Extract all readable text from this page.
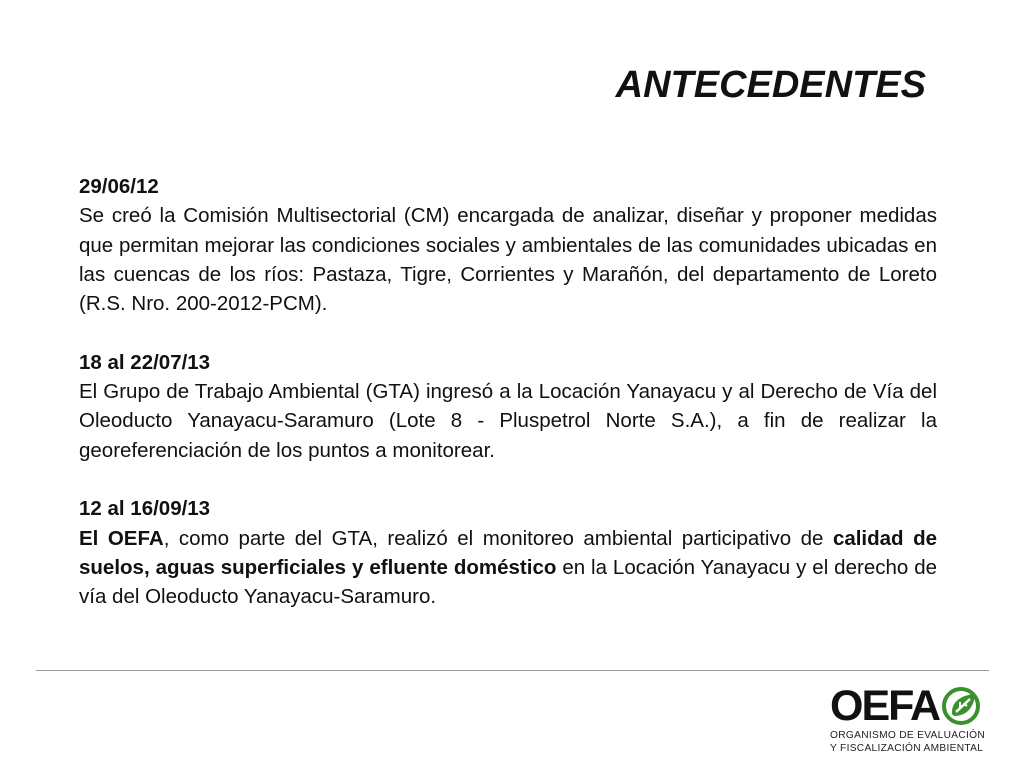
ANTECEDENTES

29/06/12

Se creó la Comisión Multisectorial (CM) encargada de analizar, diseñar y proponer medidas que permitan mejorar las condiciones sociales y ambientales de las comunidades ubicadas en las cuencas de los ríos: Pastaza, Tigre, Corrientes y Marañón, del departamento de Loreto (R.S. Nro. 200-2012-PCM).

18 al 22/07/13

El Grupo de Trabajo Ambiental (GTA) ingresó a la Locación Yanayacu y al Derecho de Vía del Oleoducto Yanayacu-Saramuro (Lote 8 - Pluspetrol Norte S.A.), a fin de realizar la georeferenciación de los puntos a monitorear.

12 al 16/09/13

El OEFA, como parte del GTA, realizó el monitoreo ambiental participativo de calidad de suelos, aguas superficiales y efluente doméstico en la Locación Yanayacu y el derecho de vía del Oleoducto Yanayacu-Saramuro.

OEFA
ORGANISMO DE EVALUACIÓN
Y FISCALIZACIÓN AMBIENTAL
